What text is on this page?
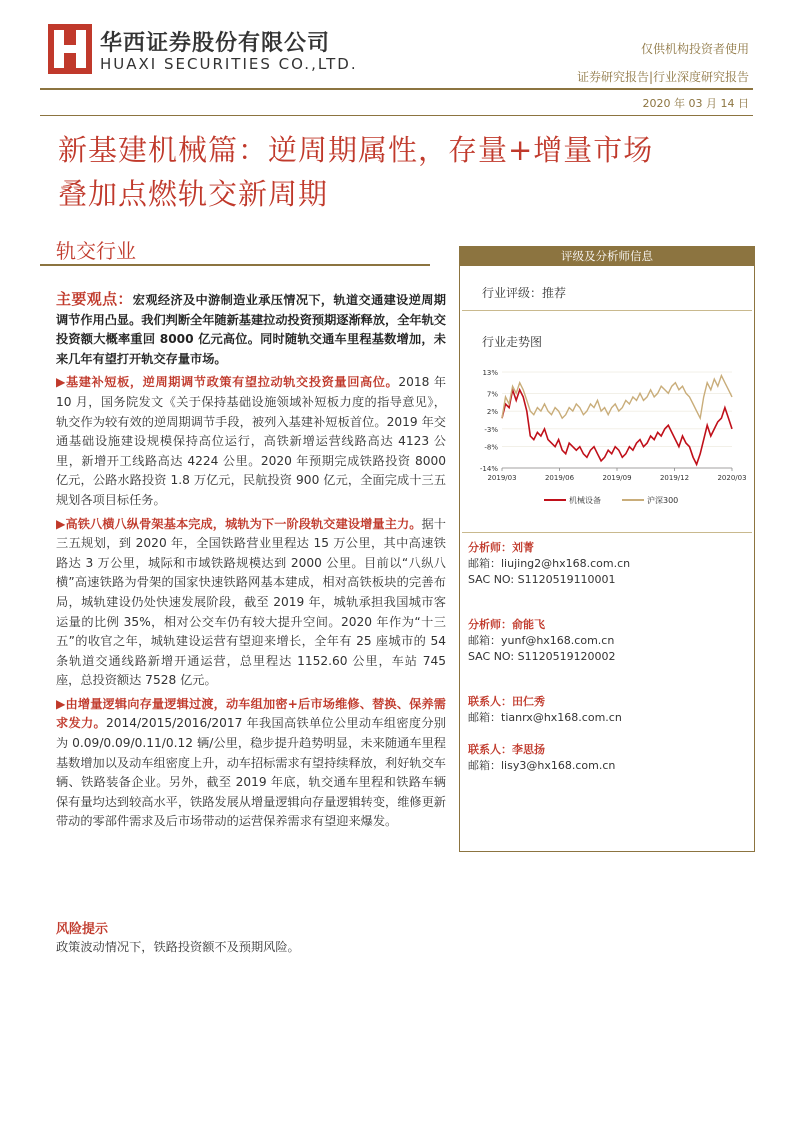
华西证券股份有限公司
HUAXI SECURITIES CO.,LTD.
仅供机构投资者使用
证券研究报告|行业深度研究报告
2020 年 03 月 14 日
新基建机械篇：逆周期属性，存量+增量市场
叠加点燃轨交新周期
轨交行业

主要观点：宏观经济及中游制造业承压情况下，轨道交通建设逆周期调节作用凸显。我们判断全年随新基建拉动投资预期逐渐释放，全年轨交投资额大概率重回 8000 亿元高位。同时随轨交通车里程基数增加，未来几年有望打开轨交存量市场。

▶基建补短板，逆周期调节政策有望拉动轨交投资量回高位。2018 年 10 月，国务院发文《关于保持基础设施领域补短板力度的指导意见》，轨交作为较有效的逆周期调节手段，被列入基建补短板首位。2019 年交通基础设施建设规模保持高位运行，高铁新增运营线路高达 4123 公里，新增开工线路高达 4224 公里。2020 年预期完成铁路投资 8000 亿元，公路水路投资 1.8 万亿元，民航投资 900 亿元，全面完成十三五规划各项目标任务。

▶高铁八横八纵骨架基本完成，城轨为下一阶段轨交建设增量主力。据十三五规划，到 2020 年，全国铁路营业里程达 15 万公里，其中高速铁路达 3 万公里，城际和市域铁路规模达到 2000 公里。目前以“八纵八横”高速铁路为骨架的国家快速铁路网基本建成，相对高铁板块的完善布局，城轨建设仍处快速发展阶段，截至 2019 年，城轨承担我国城市客运量的比例 35%，相对公交车仍有较大提升空间。2020 年作为“十三五”的收官之年，城轨建设运营有望迎来增长，全年有 25 座城市的 54 条轨道交通线路新增开通运营，总里程达 1152.60 公里，车站 745 座，总投资额达 7528 亿元。

▶由增量逻辑向存量逻辑过渡，动车组加密+后市场维修、替换、保养需求发力。2014/2015/2016/2017 年我国高铁单位公里动车组密度分别为 0.09/0.09/0.11/0.12 辆/公里，稳步提升趋势明显，未来随通车里程基数增加以及动车组密度上升，动车招标需求有望持续释放，利好轨交车辆、铁路装备企业。另外，截至 2019 年底，轨交通车里程和铁路车辆保有量均达到较高水平，铁路发展从增量逻辑向存量逻辑转变，维修更新带动的零部件需求及后市场带动的运营保养需求有望迎来爆发。

风险提示
政策波动情况下，铁路投资额不及预期风险。
评级及分析师信息
行业评级：推荐
行业走势图
13%
7%
2%
-3%
-8%
-14%
2019/03	2019/06	2019/09	2019/12	2020/03
机械设备	沪深300
分析师：刘菁
邮箱：liujing2@hx168.com.cn
SAC NO: S1120519110001
分析师：俞能飞
邮箱：yunf@hx168.com.cn
SAC NO: S1120519120002
联系人：田仁秀
邮箱：tianrx@hx168.com.cn
联系人：李思扬
邮箱：lisy3@hx168.com.cn
